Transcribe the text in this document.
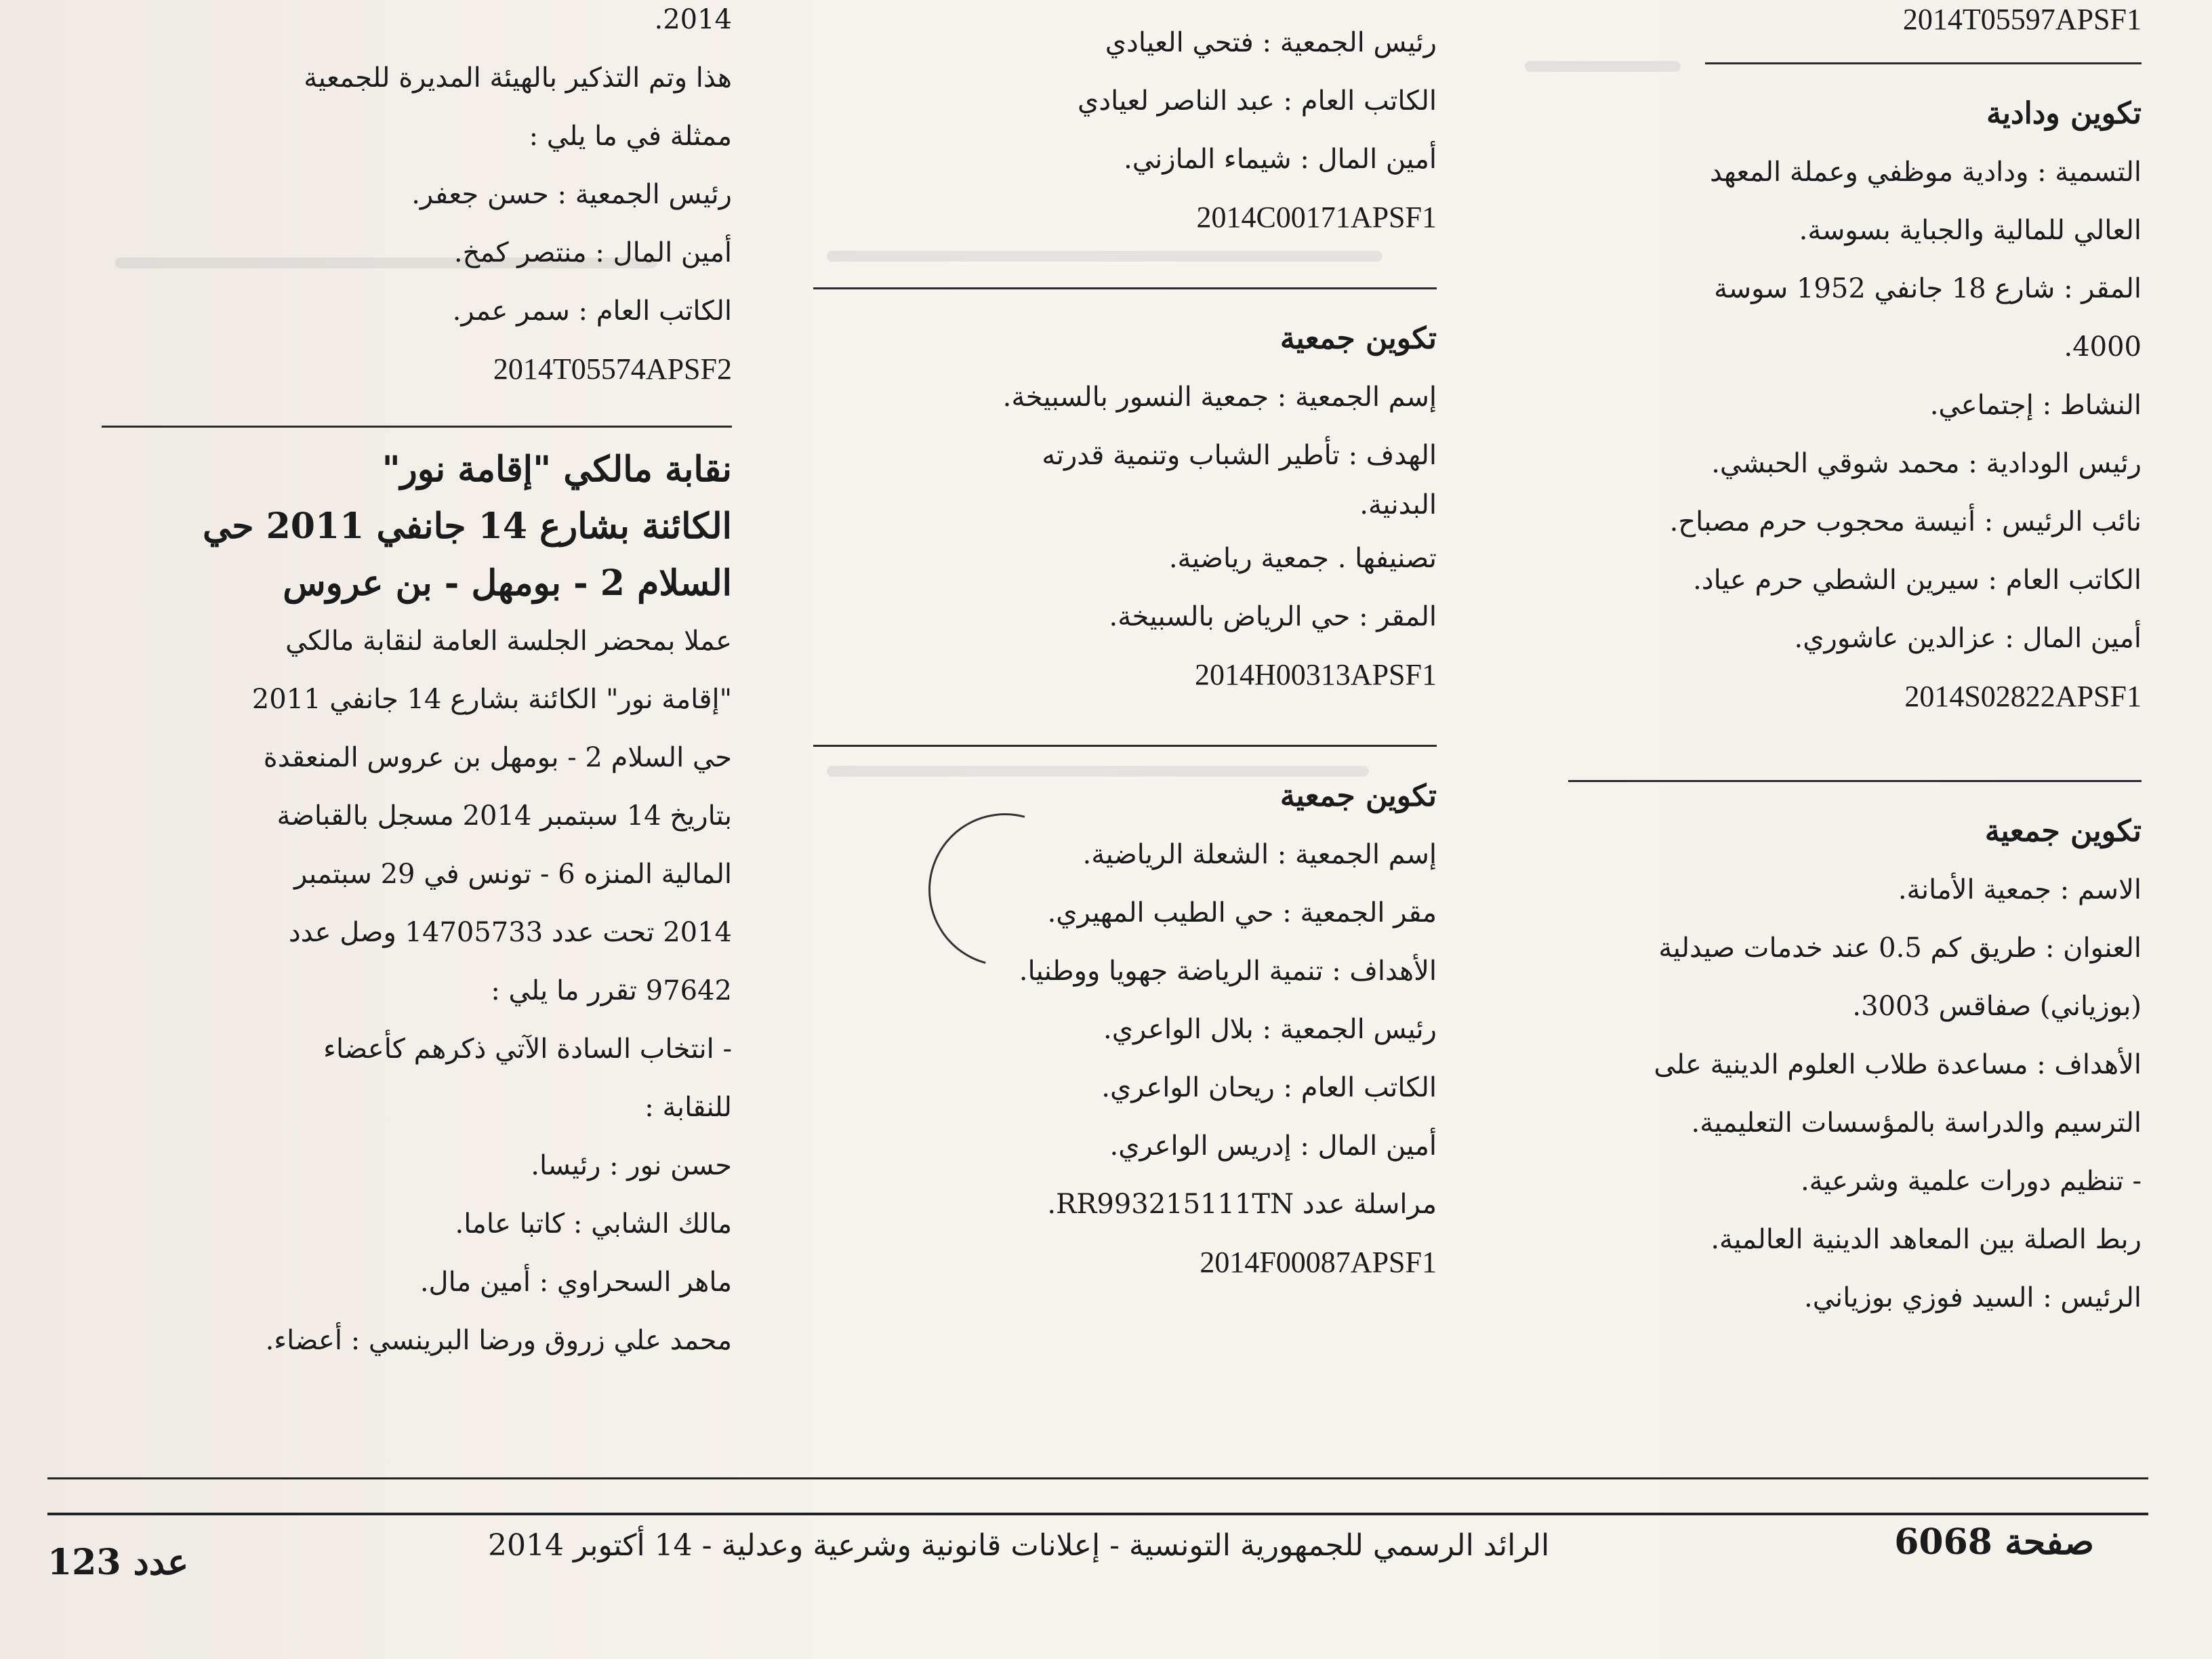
2014T05597APSF1
تكوين ودادية
التسمية : ودادية موظفي وعملة المعهد
العالي للمالية والجباية بسوسة.
المقر : شارع 18 جانفي 1952 سوسة
4000.
النشاط : إجتماعي.
رئيس الودادية : محمد شوقي الحبشي.
نائب الرئيس : أنيسة محجوب حرم مصباح.
الكاتب العام : سيرين الشطي حرم عياد.
أمين المال : عزالدين عاشوري.
2014S02822APSF1
تكوين جمعية
الاسم : جمعية الأمانة.
العنوان : طريق كم 0.5 عند خدمات صيدلية
(بوزياني) صفاقس 3003.
الأهداف : مساعدة طلاب العلوم الدينية على
الترسيم والدراسة بالمؤسسات التعليمية.
- تنظيم دورات علمية وشرعية.
ربط الصلة بين المعاهد الدينية العالمية.
الرئيس : السيد فوزي بوزياني.
رئيس الجمعية : فتحي العيادي
الكاتب العام : عبد الناصر لعيادي
أمين المال : شيماء المازني.
2014C00171APSF1
تكوين جمعية
إسم الجمعية : جمعية النسور بالسبيخة.
الهدف : تأطير الشباب وتنمية قدرته
البدنية.
تصنيفها . جمعية رياضية.
المقر : حي الرياض بالسبيخة.
2014H00313APSF1
تكوين جمعية
إسم الجمعية : الشعلة الرياضية.
مقر الجمعية : حي الطيب المهيري.
الأهداف : تنمية الرياضة جهويا ووطنيا.
رئيس الجمعية : بلال الواعري.
الكاتب العام : ريحان الواعري.
أمين المال : إدريس الواعري.
مراسلة عدد RR993215111TN.
2014F00087APSF1
2014.
هذا وتم التذكير بالهيئة المديرة للجمعية
ممثلة في ما يلي :
رئيس الجمعية : حسن جعفر.
أمين المال : منتصر كمخ.
الكاتب العام : سمر عمر.
2014T05574APSF2
نقابة مالكي "إقامة نور"
الكائنة بشارع 14 جانفي 2011 حي
السلام 2 - بومهل - بن عروس
عملا بمحضر الجلسة العامة لنقابة مالكي
"إقامة نور" الكائنة بشارع 14 جانفي 2011
حي السلام 2 - بومهل بن عروس المنعقدة
بتاريخ 14 سبتمبر 2014 مسجل بالقباضة
المالية المنزه 6 - تونس في 29 سبتمبر
2014 تحت عدد 14705733 وصل عدد
97642 تقرر ما يلي :
- انتخاب السادة الآتي ذكرهم كأعضاء
للنقابة :
حسن نور : رئيسا.
مالك الشابي : كاتبا عاما.
ماهر السحراوي : أمين مال.
محمد علي زروق ورضا البرينسي : أعضاء.
صفحة 6068
الرائد الرسمي للجمهورية التونسية - إعلانات قانونية وشرعية وعدلية - 14 أكتوبر 2014
عدد 123
